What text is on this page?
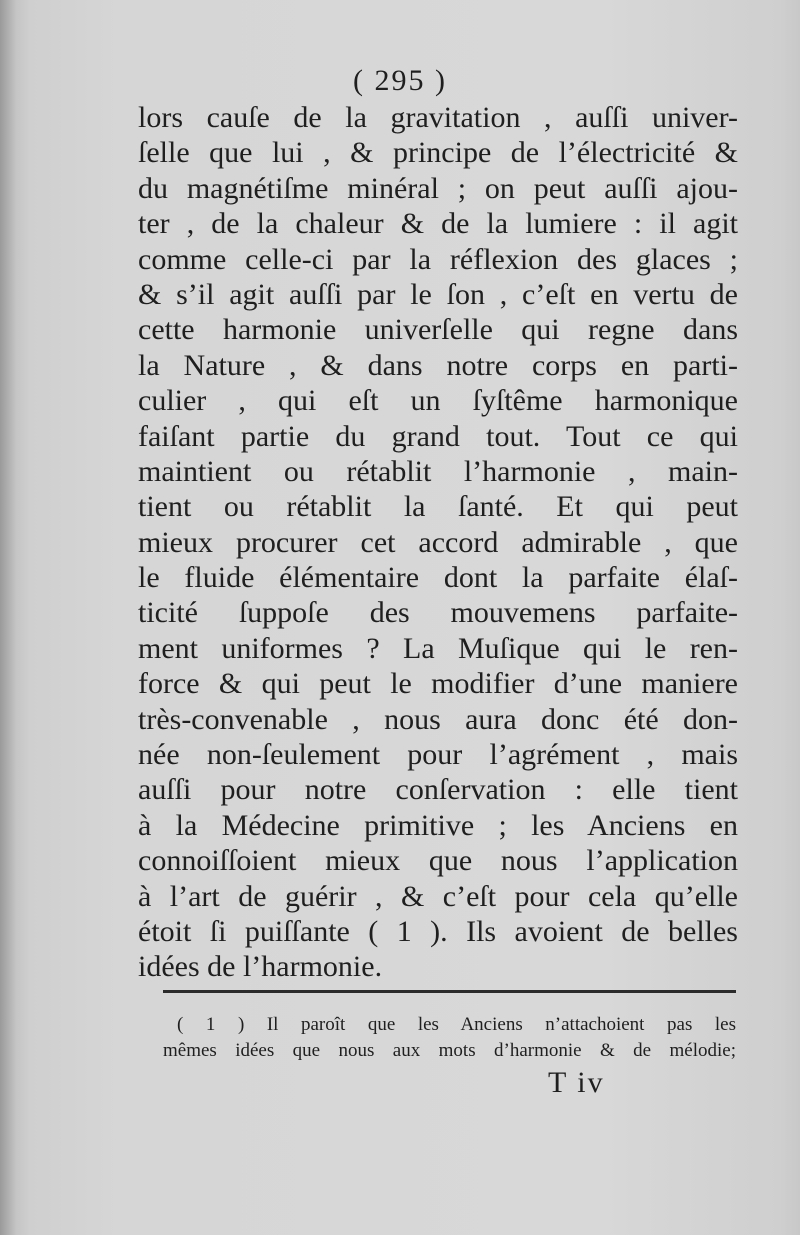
( 295 )
lors cauſe de la gravitation , auſſi univer-
ſelle que lui , & principe de l’électricité &
du magnétiſme minéral ; on peut auſſi ajou-
ter , de la chaleur & de la lumiere : il agit
comme celle-ci par la réflexion des glaces ;
& s’il agit auſſi par le ſon , c’eſt en vertu de
cette harmonie univerſelle qui regne dans
la Nature , & dans notre corps en parti-
culier , qui eſt un ſyſtême harmonique
faiſant partie du grand tout. Tout ce qui
maintient ou rétablit l’harmonie , main-
tient ou rétablit la ſanté. Et qui peut
mieux procurer cet accord admirable , que
le fluide élémentaire dont la parfaite élaſ-
ticité ſuppoſe des mouvemens parfaite-
ment uniformes ? La Muſique qui le ren-
force & qui peut le modifier d’une maniere
très-convenable , nous aura donc été don-
née non-ſeulement pour l’agrément , mais
auſſi pour notre conſervation : elle tient
à la Médecine primitive ; les Anciens en
connoiſſoient mieux que nous l’application
à l’art de guérir , & c’eſt pour cela qu’elle
étoit ſi puiſſante ( 1 ). Ils avoient de belles
idées de l’harmonie.
( 1 ) Il paroît que les Anciens n’attachoient pas les
mêmes idées que nous aux mots d’harmonie & de mélodie;
T iv
